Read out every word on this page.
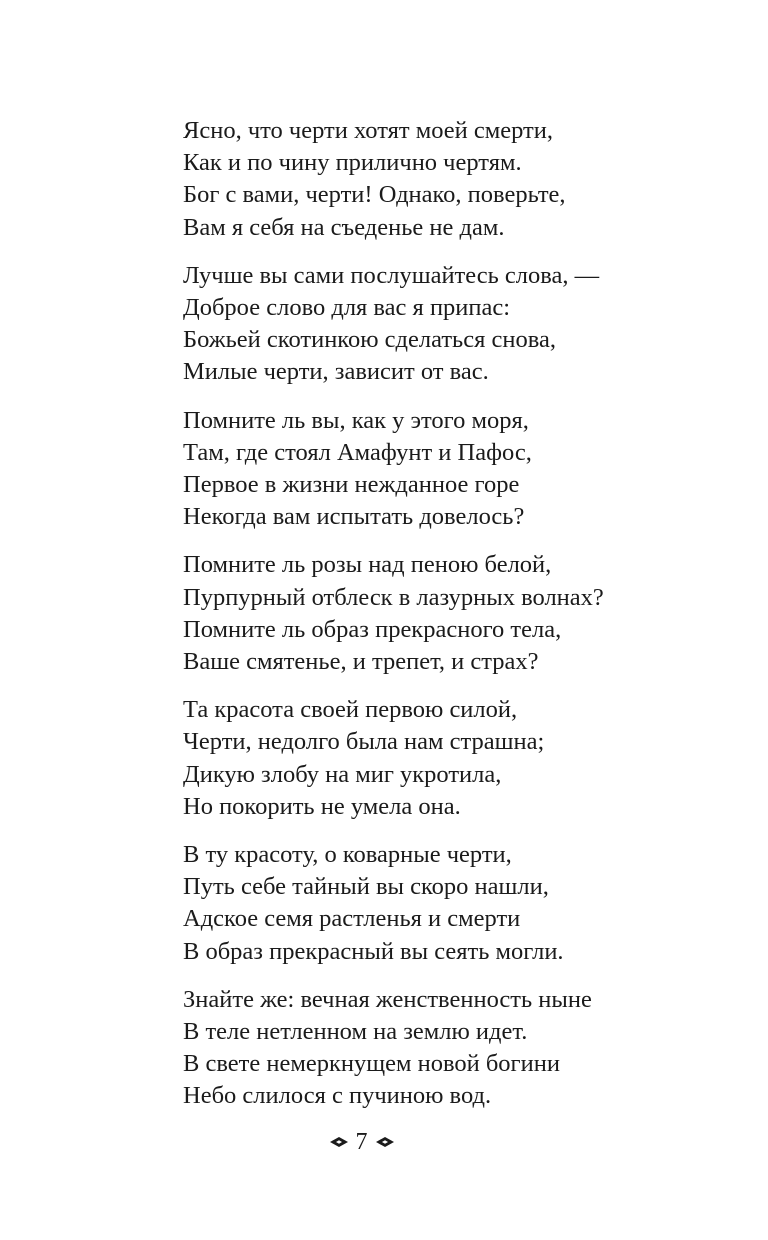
Ясно, что черти хотят моей смерти,
Как и по чину прилично чертям.
Бог с вами, черти! Однако, поверьте,
Вам я себя на съеденье не дам.
Лучше вы сами послушайтесь слова, —
Доброе слово для вас я припас:
Божьей скотинкою сделаться снова,
Милые черти, зависит от вас.
Помните ль вы, как у этого моря,
Там, где стоял Амафунт и Пафос,
Первое в жизни нежданное горе
Некогда вам испытать довелось?
Помните ль розы над пеною белой,
Пурпурный отблеск в лазурных волнах?
Помните ль образ прекрасного тела,
Ваше смятенье, и трепет, и страх?
Та красота своей первою силой,
Черти, недолго была нам страшна;
Дикую злобу на миг укротила,
Но покорить не умела она.
В ту красоту, о коварные черти,
Путь себе тайный вы скоро нашли,
Адское семя растленья и смерти
В образ прекрасный вы сеять могли.
Знайте же: вечная женственность ныне
В теле нетленном на землю идет.
В свете немеркнущем новой богини
Небо слилося с пучиною вод.
7
